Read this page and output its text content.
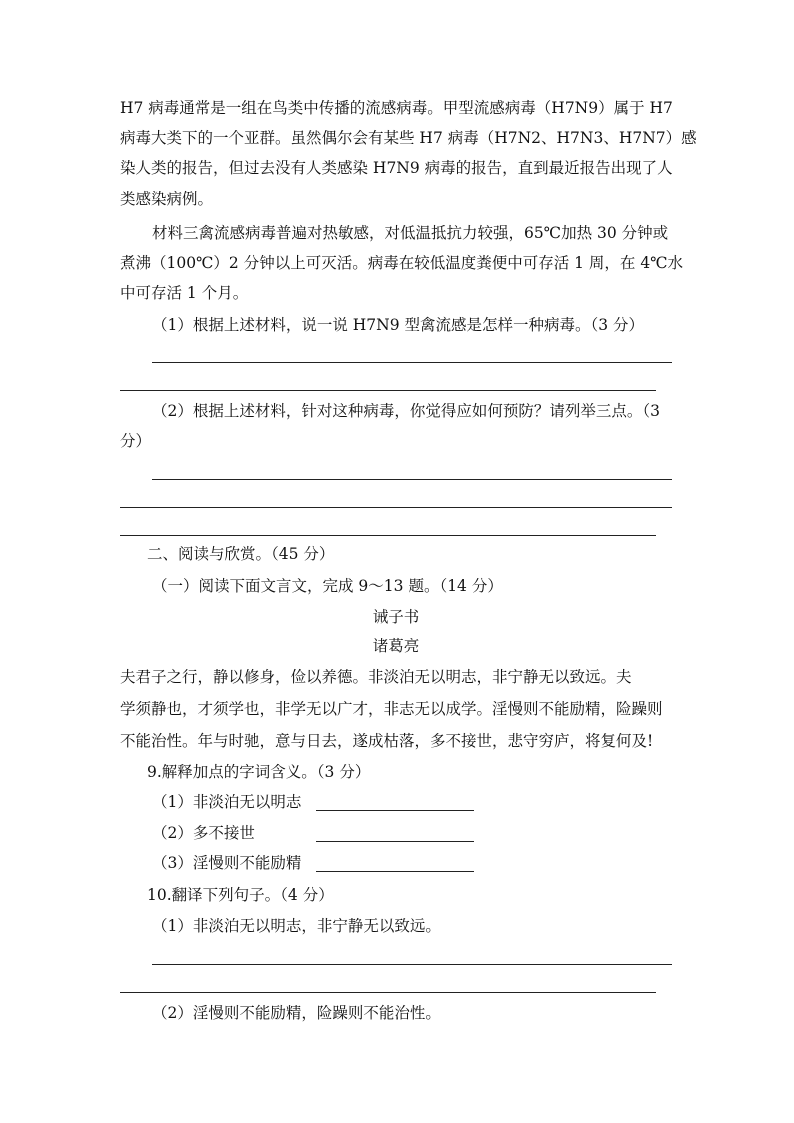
H7 病毒通常是一组在鸟类中传播的流感病毒。甲型流感病毒（H7N9）属于 H7
病毒大类下的一个亚群。虽然偶尔会有某些 H7 病毒（H7N2、H7N3、H7N7）感
染人类的报告，但过去没有人类感染 H7N9 病毒的报告，直到最近报告出现了人
类感染病例。
材料三禽流感病毒普遍对热敏感，对低温抵抗力较强，65℃加热 30 分钟或
煮沸（100℃）2 分钟以上可灭活。病毒在较低温度粪便中可存活 1 周，在 4℃水
中可存活 1 个月。
（1）根据上述材料，说一说 H7N9 型禽流感是怎样一种病毒。（3 分）
（2）根据上述材料，针对这种病毒，你觉得应如何预防？请列举三点。（3
分）
二、阅读与欣赏。（45 分）
（一）阅读下面文言文，完成 9～13 题。（14 分）
诫子书
诸葛亮
夫君子之行，静以修身，俭以养德。非淡泊无以明志，非宁静无以致远。夫
学须静也，才须学也，非学无以广才，非志无以成学。淫慢则不能励精，险躁则
不能治性。年与时驰，意与日去，遂成枯落，多不接世，悲守穷庐，将复何及!
9.解释加点的字词含义。（3 分）
（1）非淡泊无以明志
（2）多不接世
（3）淫慢则不能励精
10.翻译下列句子。（4 分）
（1）非淡泊无以明志，非宁静无以致远。
（2）淫慢则不能励精，险躁则不能治性。
